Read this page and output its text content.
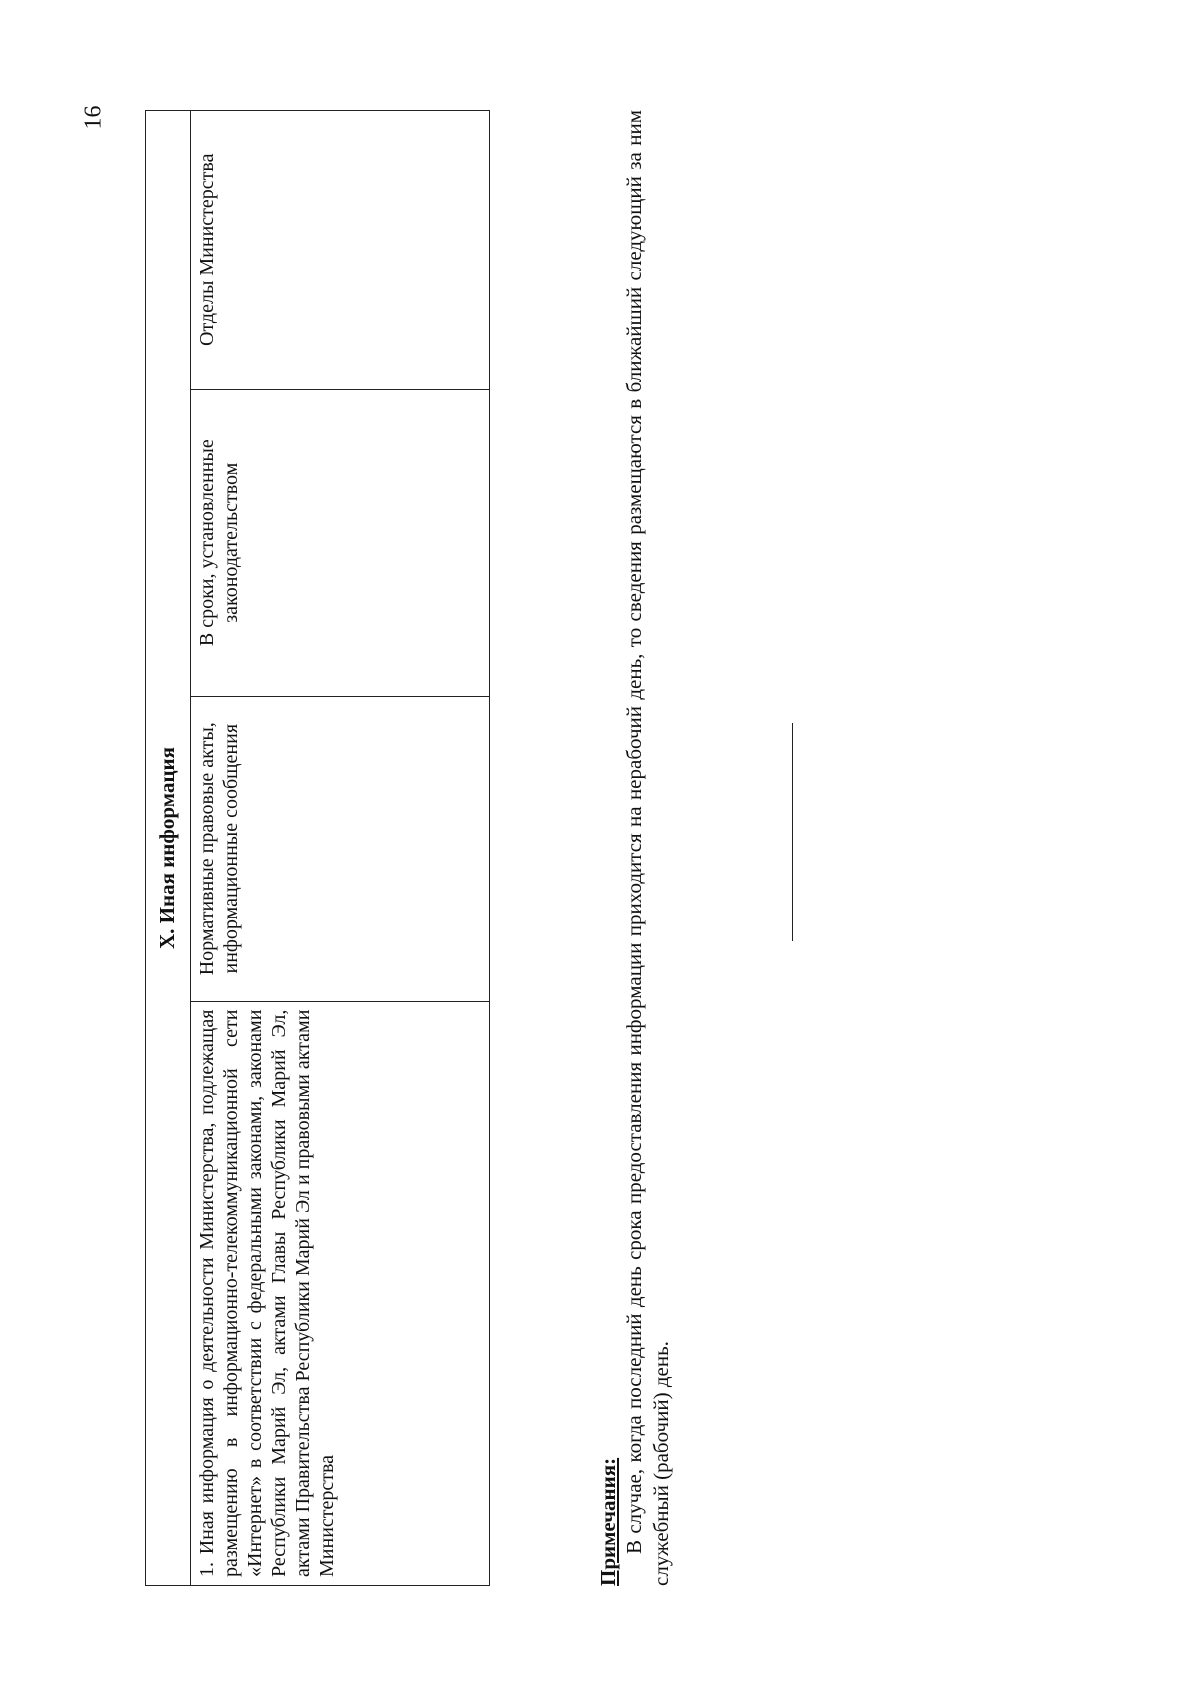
16
X. Иная информация
1. Иная информация о деятельности Министерства, подлежащая размещению в информационно-телекоммуникационной сети «Интернет» в соответствии с федеральными законами, законами Республики Марий Эл, актами Главы Республики Марий Эл, актами Правительства Республики Марий Эл и правовыми актами Министерства	Нормативные правовые акты, информационные сообщения	В сроки, установленные законодательством	Отделы Министерства
Примечания: В случае, когда последний день срока предоставления информации приходится на нерабочий день, то сведения размещаются в ближайший следующий за ним служебный (рабочий) день.
